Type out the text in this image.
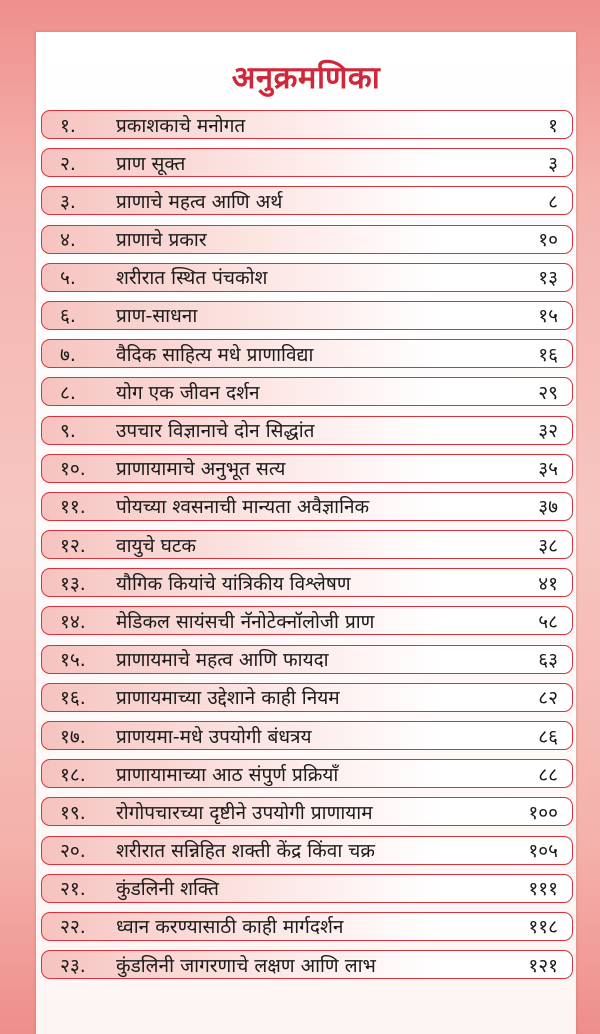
अनुक्रमणिका
१.	प्रकाशकाचे मनोगत	१
२.	प्राण सूक्त	३
३.	प्राणाचे महत्व आणि अर्थ	८
४.	प्राणाचे प्रकार	१०
५.	शरीरात स्थित पंचकोश	१३
६.	प्राण-साधना	१५
७.	वैदिक साहित्य मधे प्राणाविद्या	१६
८.	योग एक जीवन दर्शन	२९
९.	उपचार विज्ञानाचे दोन सिद्धांत	३२
१०.	प्राणायामाचे अनुभूत सत्य	३५
११.	पोयच्या श्वसनाची मान्यता अवैज्ञानिक	३७
१२.	वायुचे घटक	३८
१३.	यौगिक कियांचे यांत्रिकीय विश्लेषण	४१
१४.	मेडिकल सायंसची नॅनोटेक्नॉलोजी प्राण	५८
१५.	प्राणायमाचे महत्व आणि फायदा	६३
१६.	प्राणायमाच्या उद्देशाने काही नियम	८२
१७.	प्राणयमा-मधे उपयोगी बंधत्रय	८६
१८.	प्राणायामाच्या आठ संपुर्ण प्रक्रियाँ	८८
१९.	रोगोपचारच्या दृष्टीने उपयोगी प्राणायाम	१००
२०.	शरीरात सन्निहित शक्ती केंद्र किंवा चक्र	१०५
२१.	कुंडलिनी शक्ति	१११
२२.	ध्वान करण्यासाठी काही मार्गदर्शन	११८
२३.	कुंडलिनी जागरणाचे लक्षण आणि लाभ	१२१
